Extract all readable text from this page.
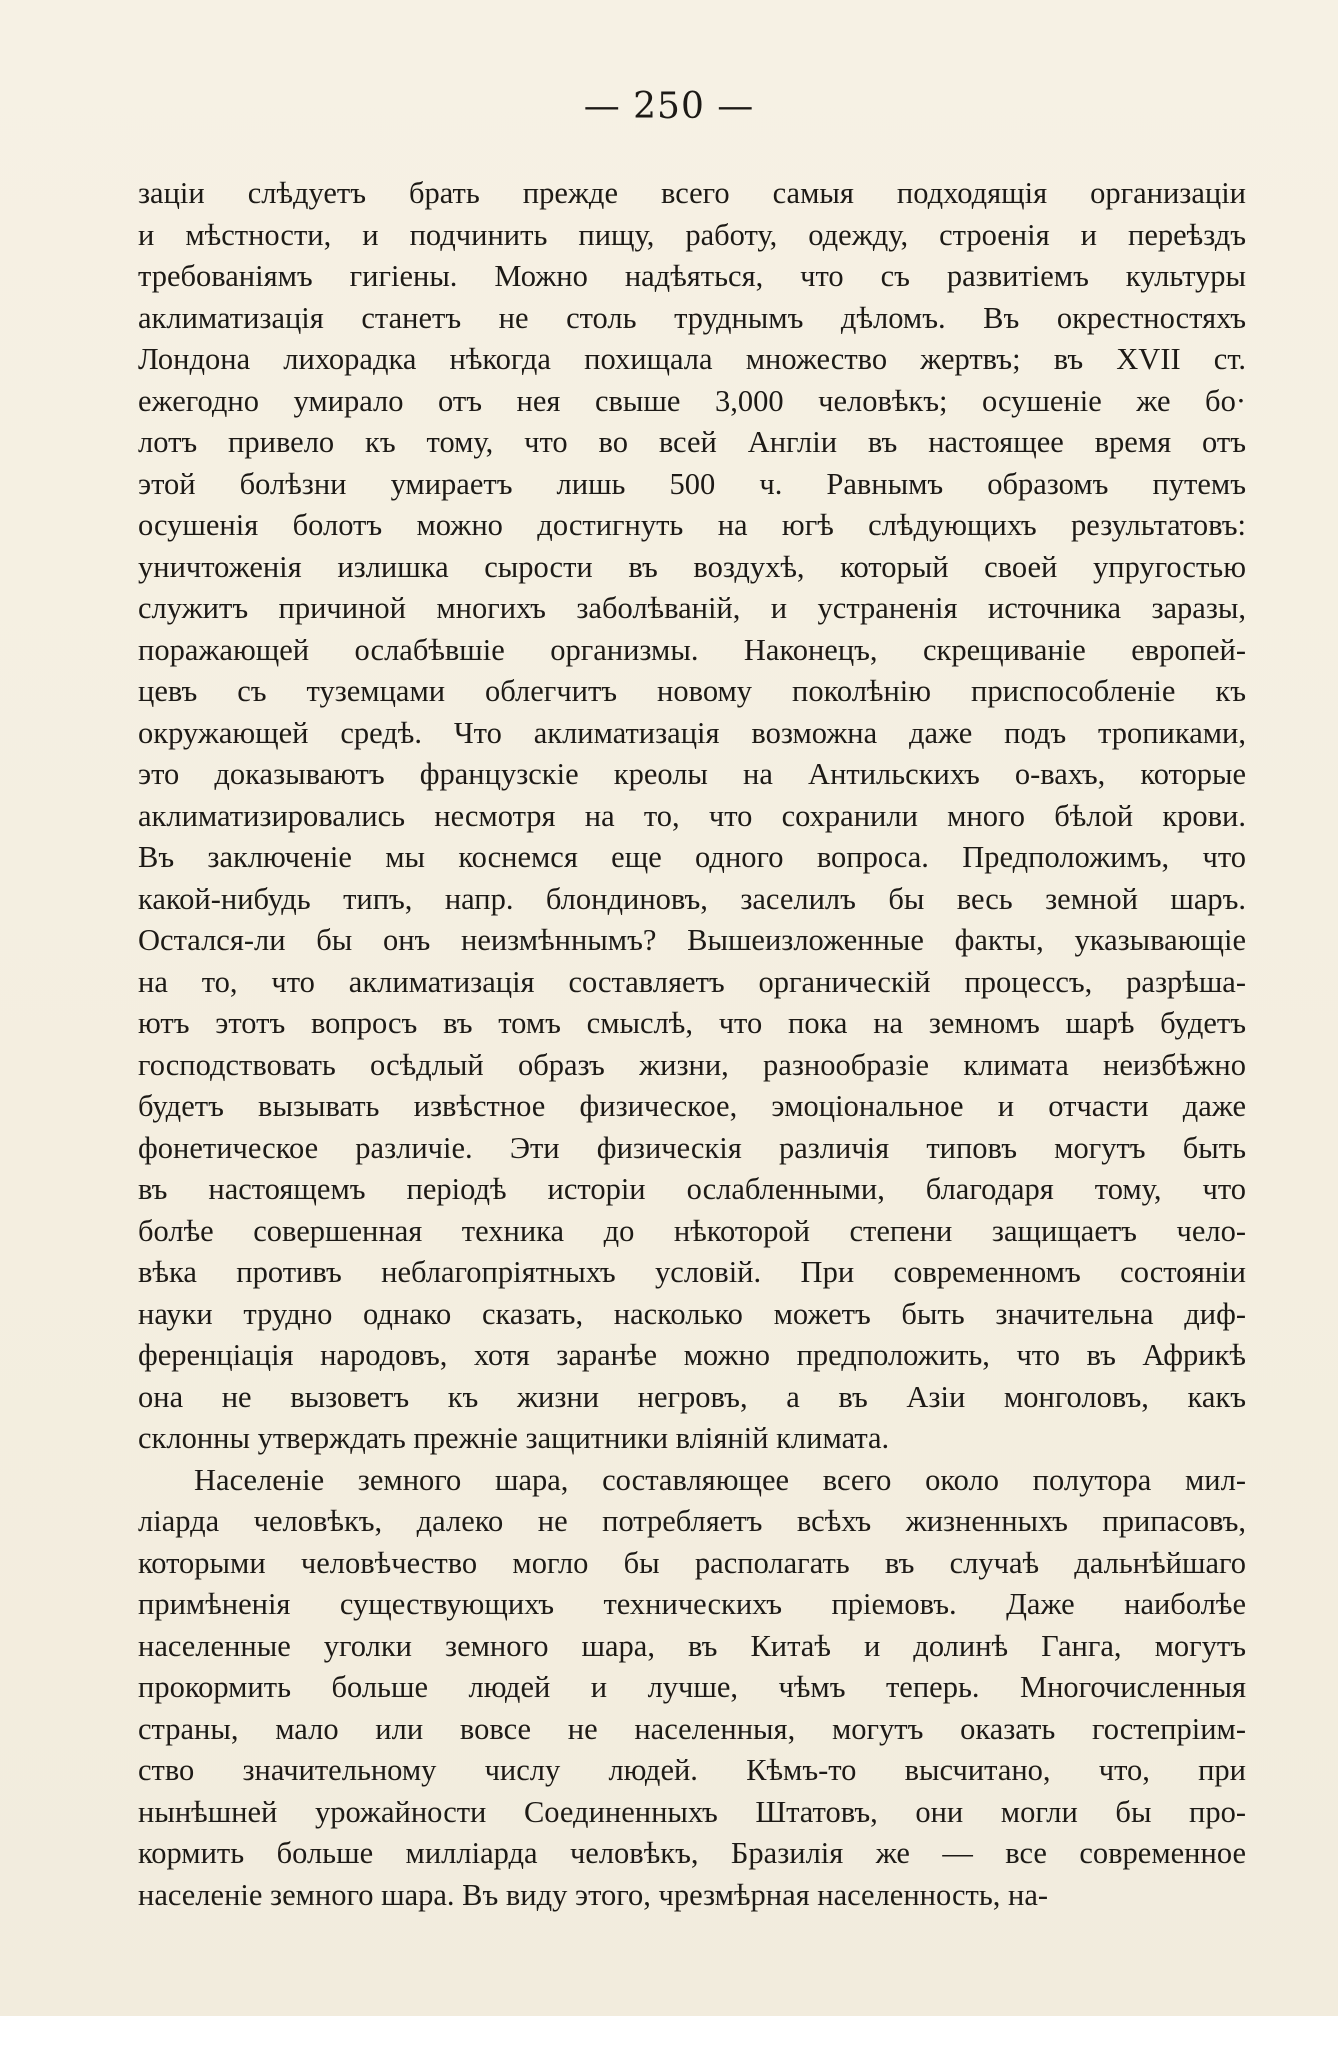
— 250 —
заціи слѣдуетъ брать прежде всего самыя подходящія организаціи
и мѣстности, и подчинить пищу, работу, одежду, строенія и переѣздъ
требованіямъ гигіены. Можно надѣяться, что съ развитіемъ культуры
аклиматизація станетъ не столь труднымъ дѣломъ. Въ окрестностяхъ
Лондона лихорадка нѣкогда похищала множество жертвъ; въ XVII ст.
ежегодно умирало отъ нея свыше 3,000 человѣкъ; осушеніе же бо·
лотъ привело къ тому, что во всей Англіи въ настоящее время отъ
этой болѣзни умираетъ лишь 500 ч. Равнымъ образомъ путемъ
осушенія болотъ можно достигнуть на югѣ слѣдующихъ результатовъ:
уничтоженія излишка сырости въ воздухѣ, который своей упругостью
служитъ причиной многихъ заболѣваній, и устраненія источника заразы,
поражающей ослабѣвшіе организмы. Наконецъ, скрещиваніе европей-
цевъ съ туземцами облегчитъ новому поколѣнію приспособленіе къ
окружающей средѣ. Что аклиматизація возможна даже подъ тропиками,
это доказываютъ французскіе креолы на Антильскихъ о-вахъ, которые
аклиматизировались несмотря на то, что сохранили много бѣлой крови.
Въ заключеніе мы коснемся еще одного вопроса. Предположимъ, что
какой-нибудь типъ, напр. блондиновъ, заселилъ бы весь земной шаръ.
Остался-ли бы онъ неизмѣннымъ? Вышеизложенные факты, указывающіе
на то, что аклиматизація составляетъ органическій процессъ, разрѣша-
ютъ этотъ вопросъ въ томъ смыслѣ, что пока на земномъ шарѣ будетъ
господствовать осѣдлый образъ жизни, разнообразіе климата неизбѣжно
будетъ вызывать извѣстное физическое, эмоціональное и отчасти даже
фонетическое различіе. Эти физическія различія типовъ могутъ быть
въ настоящемъ періодѣ исторіи ослабленными, благодаря тому, что
болѣе совершенная техника до нѣкоторой степени защищаетъ чело-
вѣка противъ неблагопріятныхъ условій. При современномъ состояніи
науки трудно однако сказать, насколько можетъ быть значительна диф-
ференціація народовъ, хотя заранѣе можно предположить, что въ Африкѣ
она не вызоветъ къ жизни негровъ, а въ Азіи монголовъ, какъ
склонны утверждать прежніе защитники вліяній климата.
Населеніе земного шара, составляющее всего около полутора мил-
ліарда человѣкъ, далеко не потребляетъ всѣхъ жизненныхъ припасовъ,
которыми человѣчество могло бы располагать въ случаѣ дальнѣйшаго
примѣненія существующихъ техническихъ пріемовъ. Даже наиболѣе
населенные уголки земного шара, въ Китаѣ и долинѣ Ганга, могутъ
прокормить больше людей и лучше, чѣмъ теперь. Многочисленныя
страны, мало или вовсе не населенныя, могутъ оказать гостепріим-
ство значительному числу людей. Кѣмъ-то высчитано, что, при
нынѣшней урожайности Соединенныхъ Штатовъ, они могли бы про-
кормить больше милліарда человѣкъ, Бразилія же — все современное
населеніе земного шара. Въ виду этого, чрезмѣрная населенность, на-
